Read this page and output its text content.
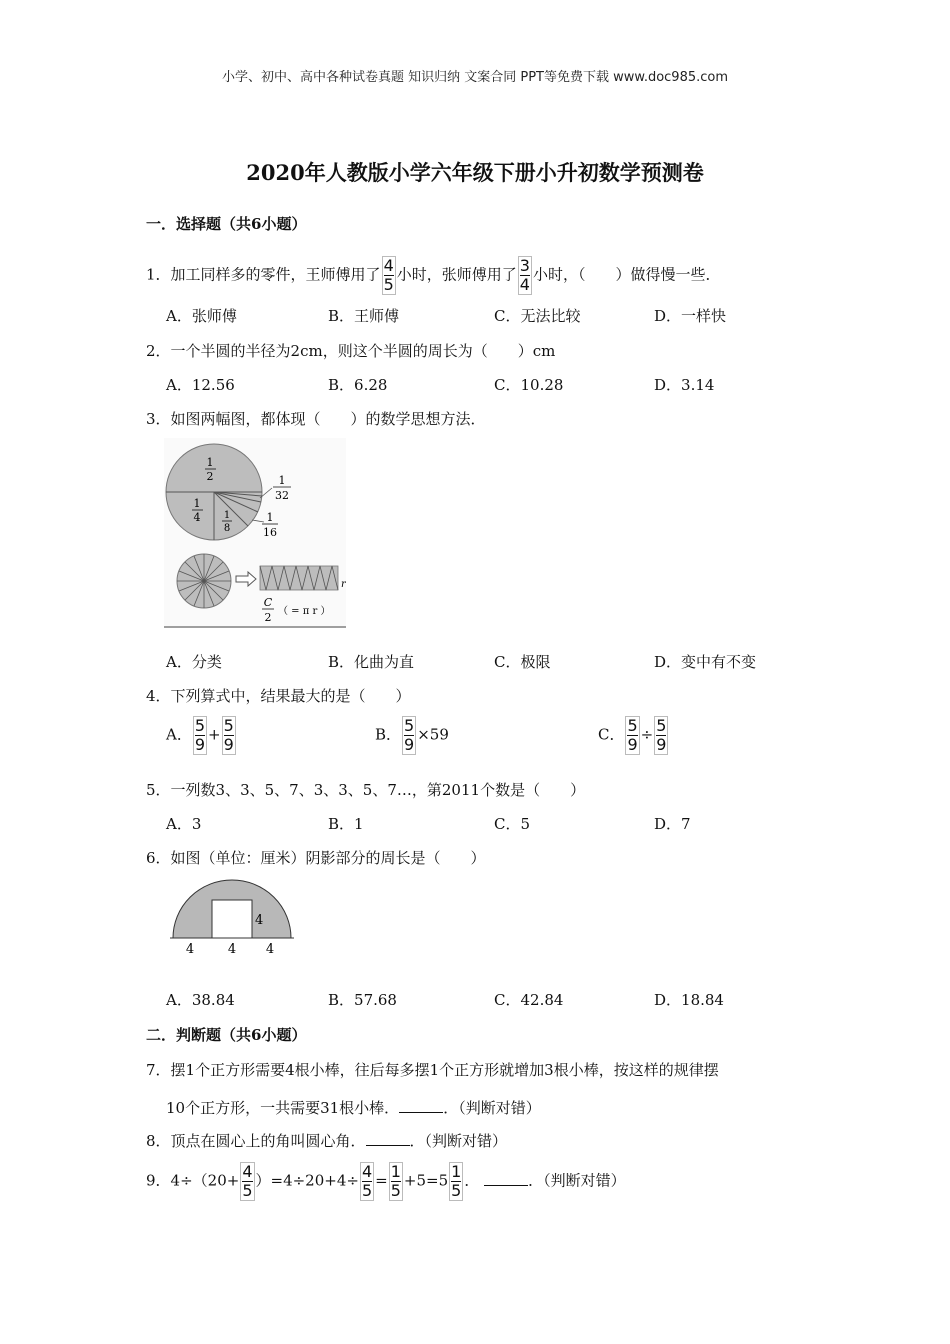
小学、初中、高中各种试卷真题 知识归纳 文案合同 PPT等免费下载 www.doc985.com
2020年人教版小学六年级下册小升初数学预测卷
一．选择题（共6小题）
1．加工同样多的零件，王师傅用了 $\frac{4}{5}$ 小时，张师傅用了 $\frac{3}{4}$ 小时，（　　）做得慢一些．
A．张师傅	B．王师傅	C．无法比较	D．一样快
2．一个半圆的半径为2cm，则这个半圆的周长为（　　）cm
A．12.56	B．6.28	C．10.28	D．3.14
3．如图两幅图，都体现（　　）的数学思想方法．
1
2
1
4 1
8
1
32
1
16
r
C
2 （ = π r ）
A．分类	B．化曲为直	C．极限	D．变中有不变
4．下列算式中，结果最大的是（　　）
A． $\frac{5}{9} + \frac{5}{9}$	B． $\frac{5}{9} \times 59$	C． $\frac{5}{9} \div \frac{5}{9}$
5．一列数3、3、5、7、3、3、5、7…，第2011个数是（　　）
A．3	B．1	C．5	D．7
6．如图（单位：厘米）阴影部分的周长是（　　）
4
4	4 4
A．38.84	B．57.68	C．42.84	D．18.84
二．判断题（共6小题）
7．摆1个正方形需要4根小棒，往后每多摆1个正方形就增加3根小棒，按这样的规律摆
10个正方形，一共需要31根小棒．	．（判断对错）
8．顶点在圆心上的角叫圆心角．	．（判断对错）
9．$4\div(20+ \frac{4}{5} )=4\div 20+4\div \frac{4}{5} = \frac{1}{5} +5=5 \frac{1}{5}$ ．	．（判断对错）
